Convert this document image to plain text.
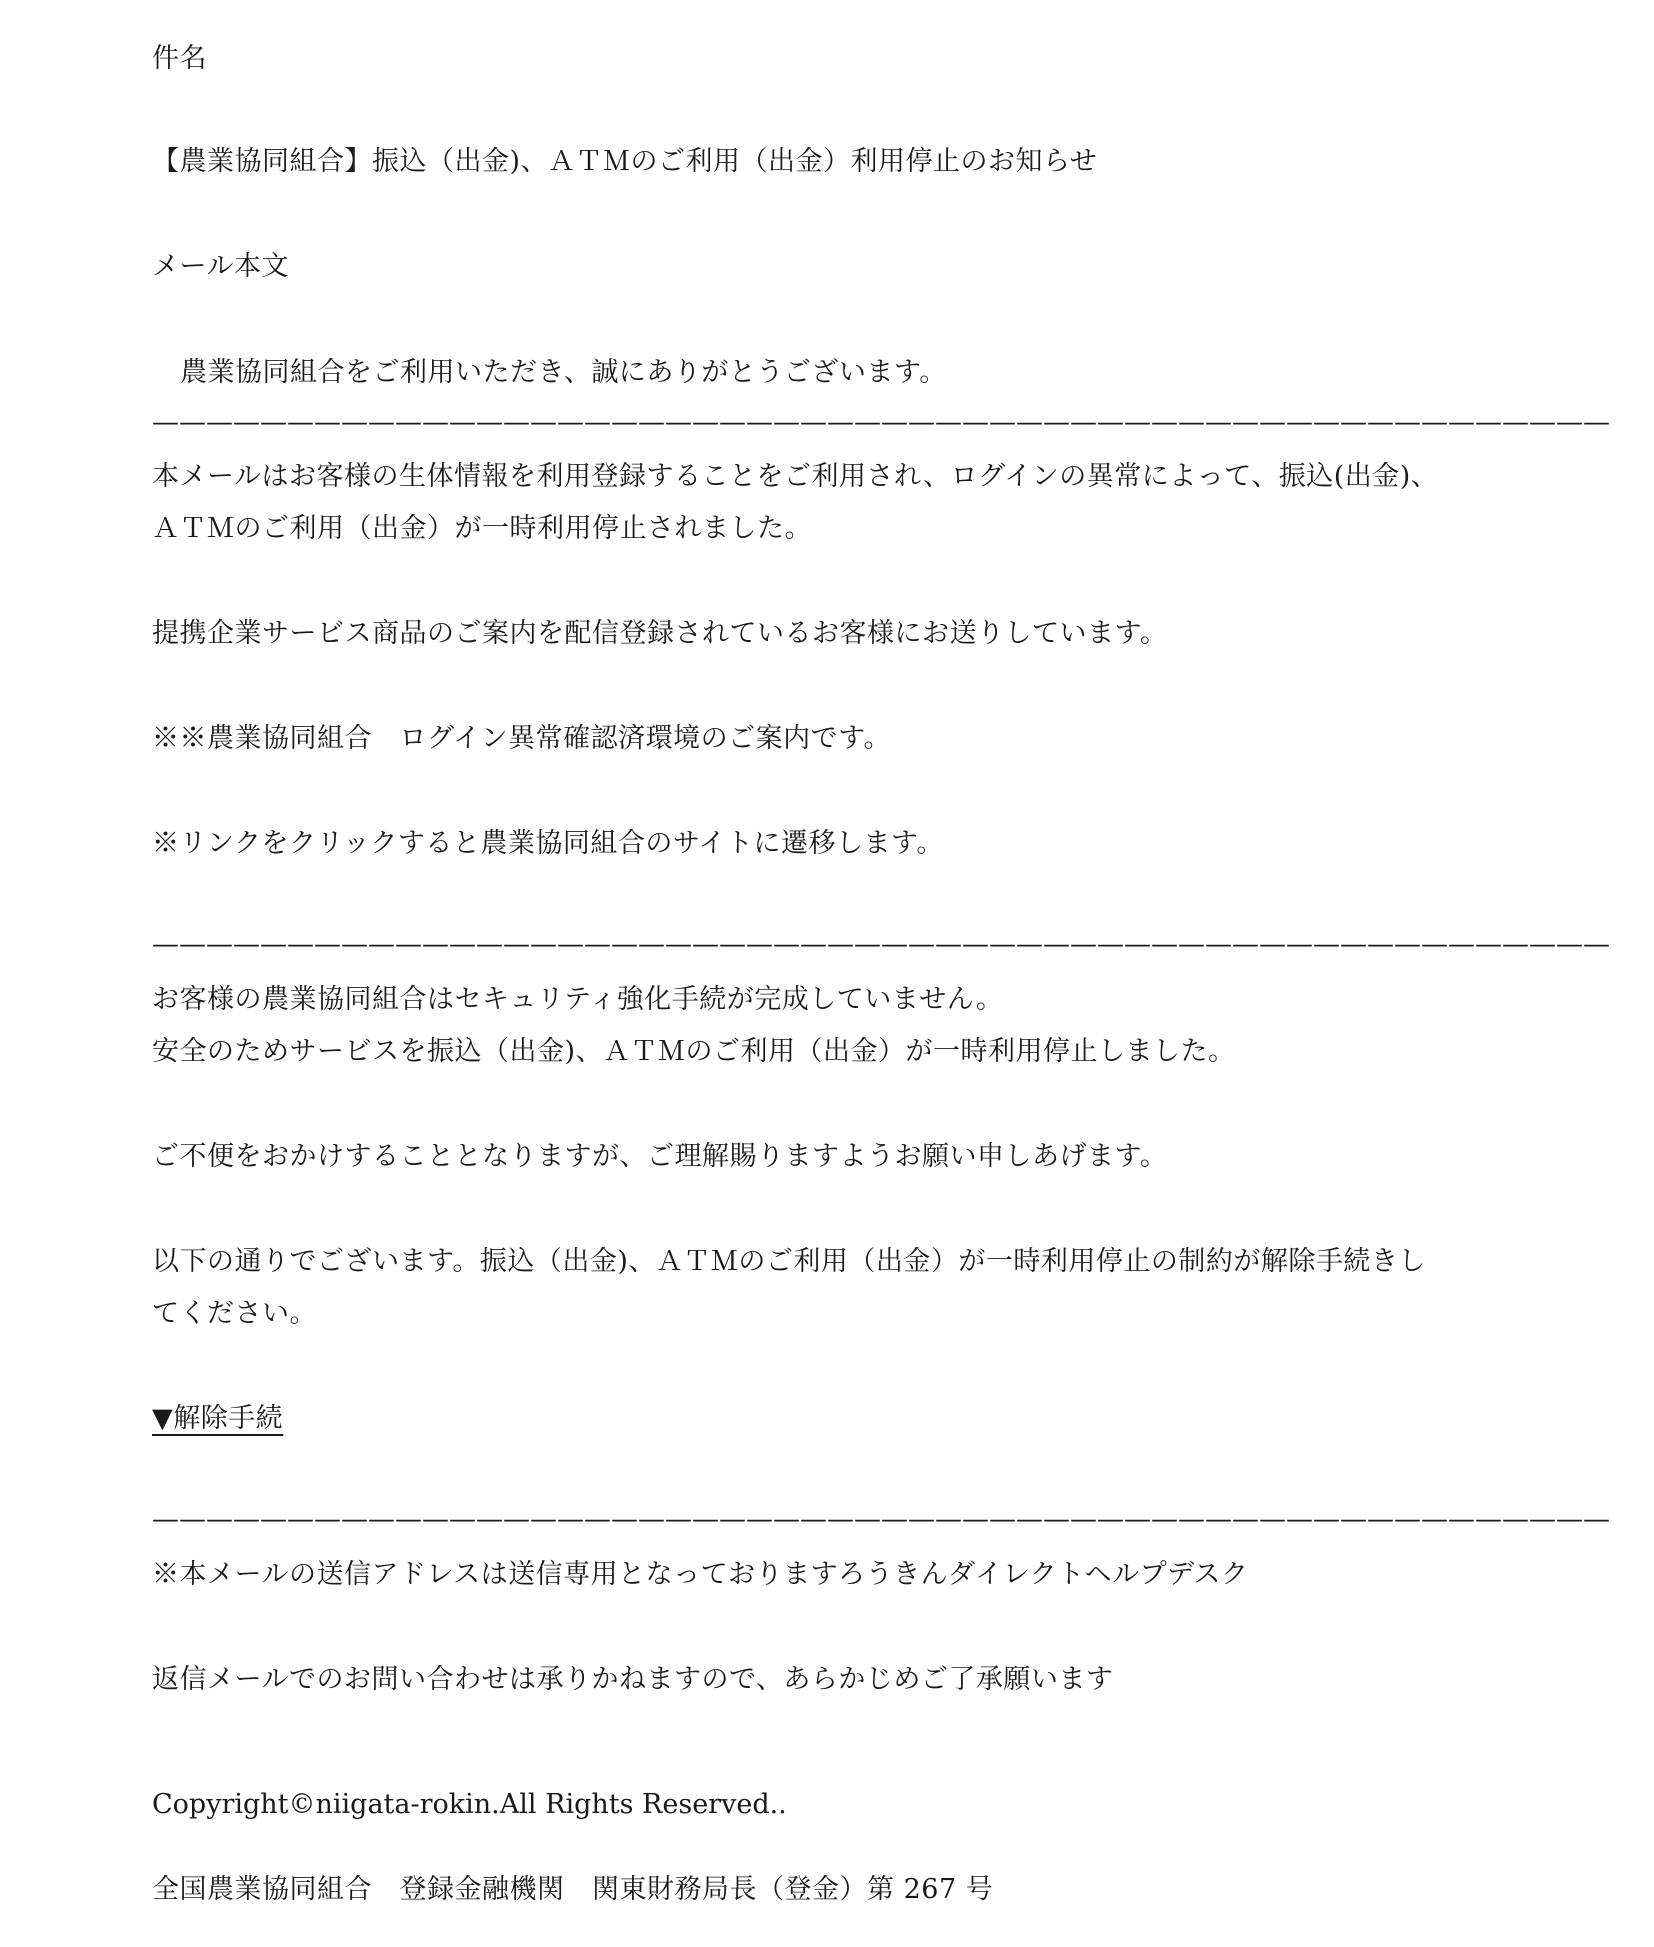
件名
【農業協同組合】振込（出金)、ＡＴＭのご利用（出金）利用停止のお知らせ
メール本文
農業協同組合をご利用いただき、誠にありがとうございます。
——————————————————————————————————————————————————————
本メールはお客様の生体情報を利用登録することをご利用され、ログインの異常によって、振込(出金)、
ＡＴＭのご利用（出金）が一時利用停止されました。
提携企業サービス商品のご案内を配信登録されているお客様にお送りしています。
※※農業協同組合　ログイン異常確認済環境のご案内です。
※リンクをクリックすると農業協同組合のサイトに遷移します。
——————————————————————————————————————————————————————
お客様の農業協同組合はセキュリティ強化手続が完成していません。
安全のためサービスを振込（出金)、ＡＴＭのご利用（出金）が一時利用停止しました。
ご不便をおかけすることとなりますが、ご理解賜りますようお願い申しあげます。
以下の通りでございます。振込（出金)、ＡＴＭのご利用（出金）が一時利用停止の制約が解除手続きし
てください。
▼解除手続
——————————————————————————————————————————————————————
※本メールの送信アドレスは送信専用となっておりますろうきんダイレクトヘルプデスク
返信メールでのお問い合わせは承りかねますので、あらかじめご了承願います
Copyright©niigata-rokin.All Rights Reserved..
全国農業協同組合　登録金融機関　関東財務局長（登金）第 267 号
